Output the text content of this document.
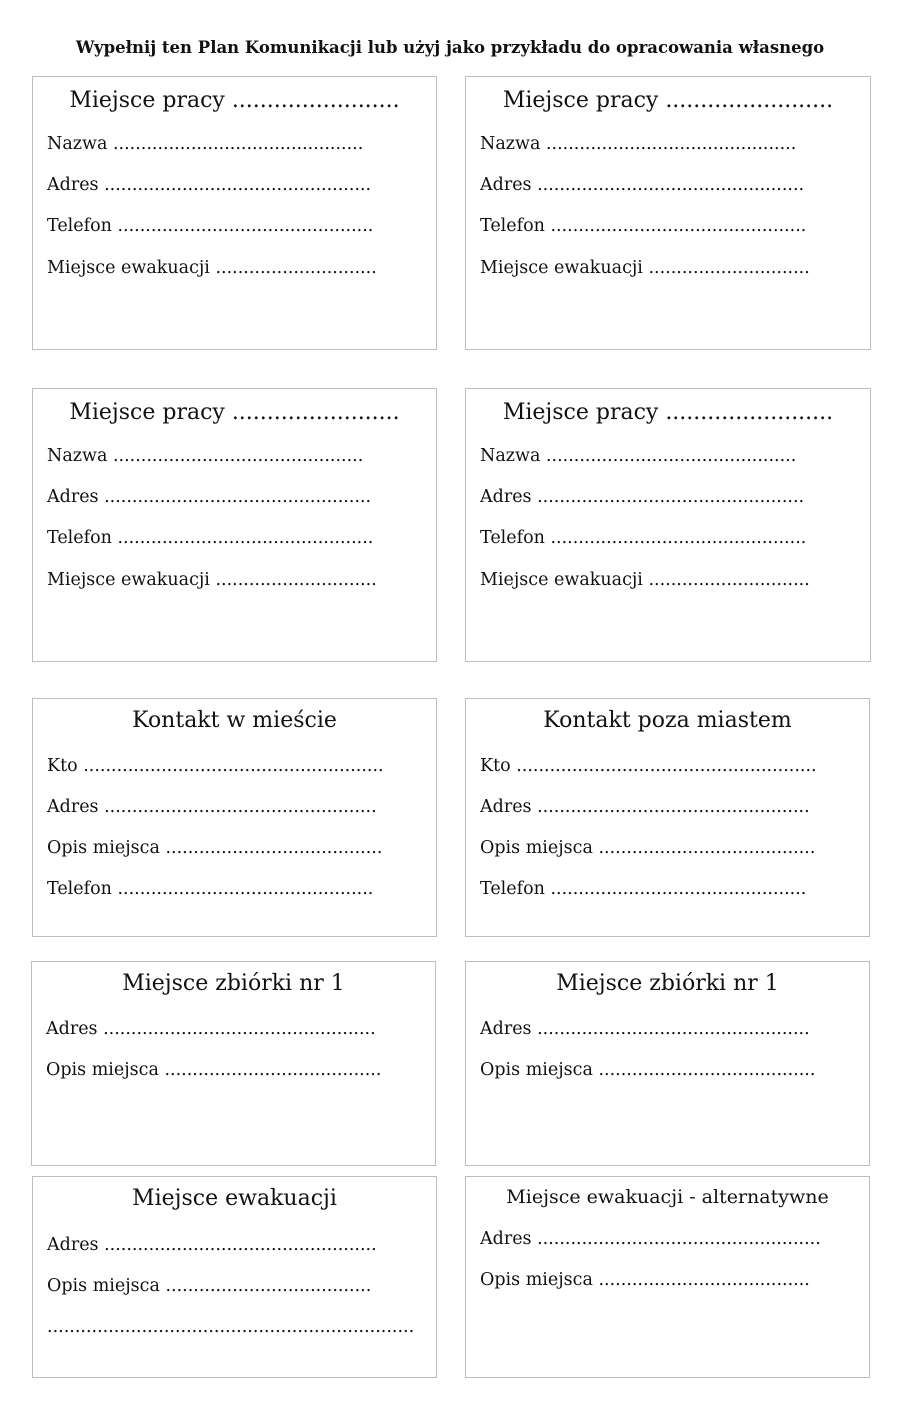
Wypełnij ten Plan Komunikacji lub użyj jako przykładu do opracowania własnego
Miejsce pracy ........................
Nazwa .............................................
Adres ................................................
Telefon ..............................................
Miejsce ewakuacji .............................
Miejsce pracy ........................
Nazwa .............................................
Adres ................................................
Telefon ..............................................
Miejsce ewakuacji .............................
Miejsce pracy ........................
Nazwa .............................................
Adres ................................................
Telefon ..............................................
Miejsce ewakuacji .............................
Miejsce pracy ........................
Nazwa .............................................
Adres ................................................
Telefon ..............................................
Miejsce ewakuacji .............................
Kontakt w mieście
Kto ......................................................
Adres .................................................
Opis miejsca .......................................
Telefon ..............................................
Kontakt poza miastem
Kto ......................................................
Adres .................................................
Opis miejsca .......................................
Telefon ..............................................
Miejsce zbiórki nr 1
Adres .................................................
Opis miejsca .......................................
Miejsce zbiórki nr 1
Adres .................................................
Opis miejsca .......................................
Miejsce ewakuacji
Adres .................................................
Opis miejsca .....................................
..................................................................
Miejsce ewakuacji - alternatywne
Adres ...................................................
Opis miejsca ......................................
